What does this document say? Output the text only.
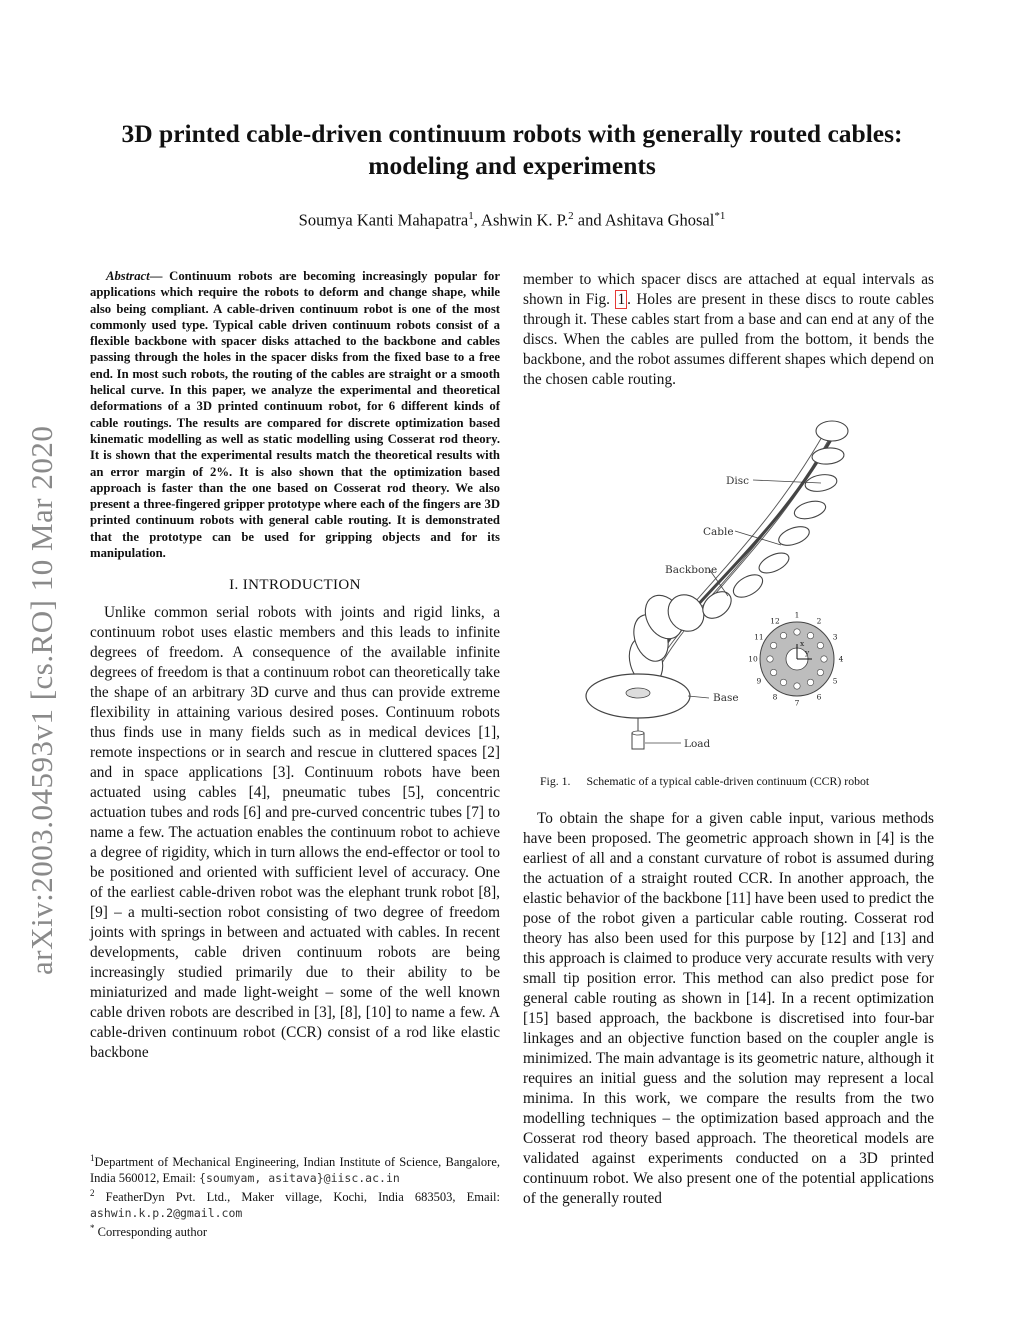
arXiv:2003.04593v1 [cs.RO] 10 Mar 2020
3D printed cable-driven continuum robots with generally routed cables:
modeling and experiments
Soumya Kanti Mahapatra$^1$, Ashwin K. P.$^2$ and Ashitava Ghosal$^{*1}$

Abstract— Continuum robots are becoming increasingly popular for applications which require the robots to deform and change shape, while also being compliant. A cable-driven continuum robot is one of the most commonly used type. Typical cable driven continuum robots consist of a flexible backbone with spacer disks attached to the backbone and cables passing through the holes in the spacer disks from the fixed base to a free end. In most such robots, the routing of the cables are straight or a smooth helical curve. In this paper, we analyze the experimental and theoretical deformations of a 3D printed continuum robot, for 6 different kinds of cable routings. The results are compared for discrete optimization based kinematic modelling as well as static modelling using Cosserat rod theory. It is shown that the experimental results match the theoretical results with an error margin of 2%. It is also shown that the optimization based approach is faster than the one based on Cosserat rod theory. We also present a three-fingered gripper prototype where each of the fingers are 3D printed continuum robots with general cable routing. It is demonstrated that the prototype can be used for gripping objects and for its manipulation.

I. INTRODUCTION

Unlike common serial robots with joints and rigid links, a continuum robot uses elastic members and this leads to infinite degrees of freedom. A consequence of the available infinite degrees of freedom is that a continuum robot can theoretically take the shape of an arbitrary 3D curve and thus can provide extreme flexibility in attaining various desired poses. Continuum robots thus finds use in many fields such as in medical devices [1], remote inspections or in search and rescue in cluttered spaces [2] and in space applications [3]. Continuum robots have been actuated using cables [4], pneumatic tubes [5], concentric actuation tubes and rods [6] and pre-curved concentric tubes [7] to name a few. The actuation enables the continuum robot to achieve a degree of rigidity, which in turn allows the end-effector or tool to be positioned and oriented with sufficient level of accuracy. One of the earliest cable-driven robot was the elephant trunk robot [8], [9] – a multi-section robot consisting of two degree of freedom joints with springs in between and actuated with cables. In recent developments, cable driven continuum robots are being increasingly studied primarily due to their ability to be miniaturized and made light-weight – some of the well known cable driven robots are described in [3], [8], [10] to name a few. A cable-driven continuum robot (CCR) consist of a rod like elastic backbone

$^1$Department of Mechanical Engineering, Indian Institute of Science, Bangalore, India 560012, Email: {soumyam, asitava}@iisc.ac.in

$^2$ FeatherDyn Pvt. Ltd., Maker village, Kochi, India 683503, Email: ashwin.k.p.2@gmail.com

* Corresponding author

member to which spacer discs are attached at equal intervals as shown in Fig. 1 . Holes are present in these discs to route cables through it. These cables start from a base and can end at any of the discs. When the cables are pulled from the bottom, it bends the backbone, and the robot assumes different shapes which depend on the chosen cable routing.

Disc
Cable
Backbone
Base
Load
x
y
1
2
3
4
5
6
7
8
9
10
11
12
Fig. 1. Schematic of a typical cable-driven continuum (CCR) robot

To obtain the shape for a given cable input, various methods have been proposed. The geometric approach shown in [4] is the earliest of all and a constant curvature of robot is assumed during the actuation of a straight routed CCR. In another approach, the elastic behavior of the backbone [11] have been used to predict the pose of the robot given a particular cable routing. Cosserat rod theory has also been used for this purpose by [12] and [13] and this approach is claimed to produce very accurate results with very small tip position error. This method can also predict pose for general cable routing as shown in [14]. In a recent optimization [15] based approach, the backbone is discretised into four-bar linkages and an objective function based on the coupler angle is minimized. The main advantage is its geometric nature, although it requires an initial guess and the solution may represent a local minima. In this work, we compare the results from the two modelling techniques – the optimization based approach and the Cosserat rod theory based approach. The theoretical models are validated against experiments conducted on a 3D printed continuum robot. We also present one of the potential applications of the generally routed
